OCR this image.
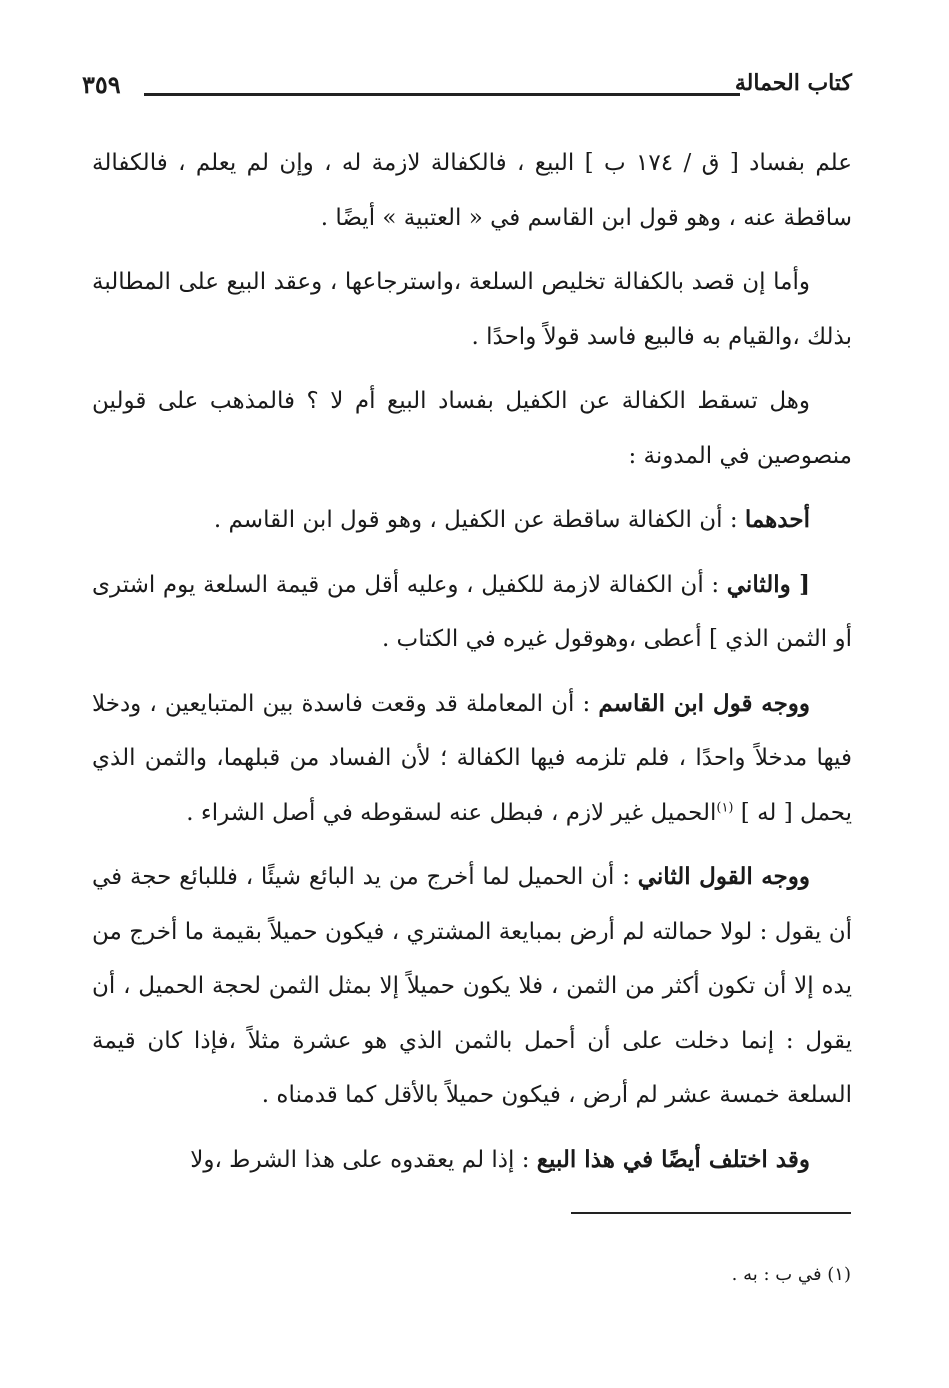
كتاب الحمالة
٣٥٩

علم بفساد [ ق / ١٧٤ ب ] البيع ، فالكفالة لازمة له ، وإن لم يعلم ، فالكفالة ساقطة عنه ، وهو قول ابن القاسم في « العتبية » أيضًا .

وأما إن قصد بالكفالة تخليص السلعة ،واسترجاعها ، وعقد البيع على المطالبة بذلك ،والقيام به فالبيع فاسد قولاً واحدًا .

وهل تسقط الكفالة عن الكفيل بفساد البيع أم لا ؟ فالمذهب على قولين منصوصين في المدونة :

أحدهما : أن الكفالة ساقطة عن الكفيل ، وهو قول ابن القاسم .

[ والثاني : أن الكفالة لازمة للكفيل ، وعليه أقل من قيمة السلعة يوم اشترى أو الثمن الذي ] أعطى ،وهوقول غيره في الكتاب .

ووجه قول ابن القاسم : أن المعاملة قد وقعت فاسدة بين المتبايعين ، ودخلا فيها مدخلاً واحدًا ، فلم تلزمه فيها الكفالة ؛ لأن الفساد من قبلهما، والثمن الذي يحمل [ له ] $^{(١)}$الحميل غير لازم ، فبطل عنه لسقوطه في أصل الشراء .

ووجه القول الثاني : أن الحميل لما أخرج من يد البائع شيئًا ، فللبائع حجة في أن يقول : لولا حمالته لم أرض بمبايعة المشتري ، فيكون حميلاً بقيمة ما أخرج من يده إلا أن تكون أكثر من الثمن ، فلا يكون حميلاً إلا بمثل الثمن لحجة الحميل ، أن يقول : إنما دخلت على أن أحمل بالثمن الذي هو عشرة مثلاً ،فإذا كان قيمة السلعة خمسة عشر لم أرض ، فيكون حميلاً بالأقل كما قدمناه .

وقد اختلف أيضًا في هذا البيع : إذا لم يعقدوه على هذا الشرط ،ولا

(١) في ب : به .
